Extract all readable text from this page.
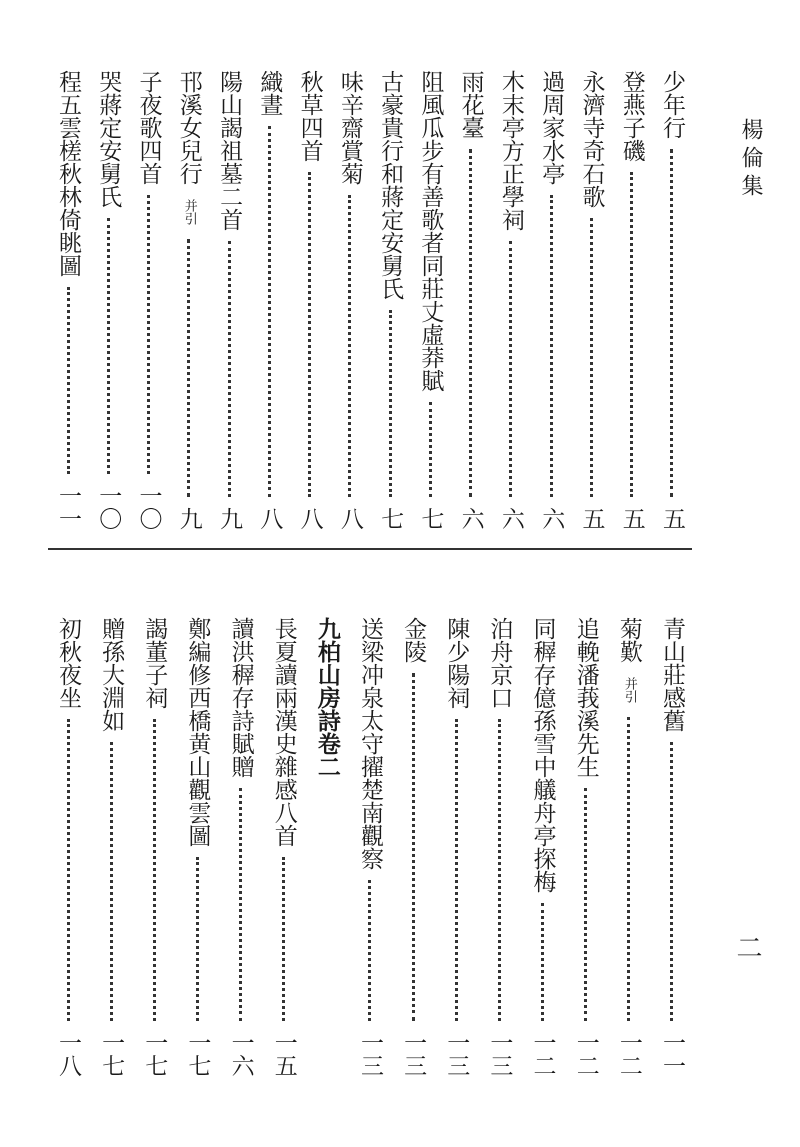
楊倫集
二
少年行
五
登燕子磯
五
永濟寺奇石歌
五
過周家水亭
六
木末亭方正學祠
六
雨花臺
六
阻風瓜步有善歌者同莊丈虛莽賦
七
古豪貴行和蔣定安舅氏
七
味辛齋賞菊
八
秋草四首
八
織晝
八
陽山謁祖墓二首
九
邗溪女兒行
并引
九
子夜歌四首
一〇
哭蔣定安舅氏
一〇
程五雲槎秋林倚眺圖
一一
青山莊感舊
一一
菊歎
并引
一二
追輓潘莪溪先生
一二
同稺存億孫雪中艤舟亭探梅
一二
泊舟京口
一三
陳少陽祠
一三
金陵
一三
送梁冲泉太守擢楚南觀察
一三
九柏山房詩卷二
長夏讀兩漢史雜感八首
一五
讀洪稺存詩賦贈
一六
鄭編修西橋黄山觀雲圖
一七
謁董子祠
一七
贈孫大淵如
一七
初秋夜坐
一八
